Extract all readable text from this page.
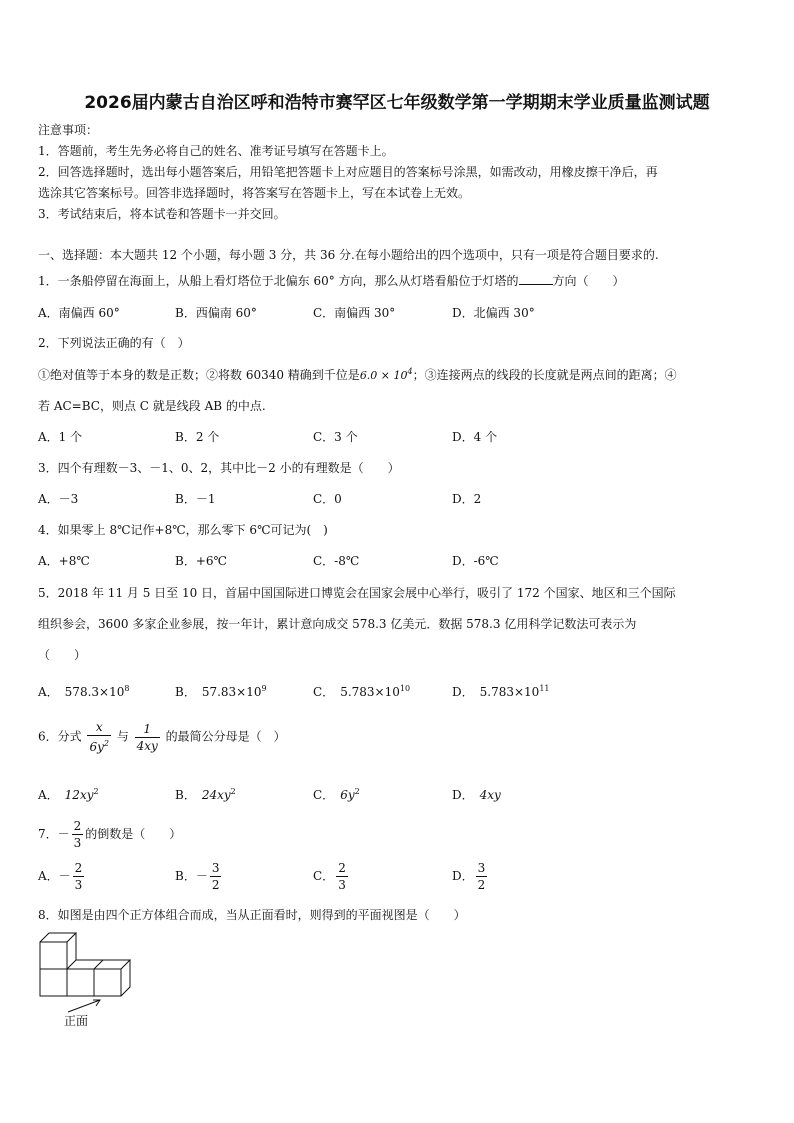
2026届内蒙古自治区呼和浩特市赛罕区七年级数学第一学期期末学业质量监测试题
注意事项：
1．答题前，考生先务必将自己的姓名、准考证号填写在答题卡上。
2．回答选择题时，选出每小题答案后，用铅笔把答题卡上对应题目的答案标号涂黑，如需改动，用橡皮擦干净后，再
选涂其它答案标号。回答非选择题时，将答案写在答题卡上，写在本试卷上无效。
3．考试结束后，将本试卷和答题卡一并交回。
一、选择题：本大题共 12 个小题，每小题 3 分，共 36 分.在每小题给出的四个选项中，只有一项是符合题目要求的.
1．一条船停留在海面上，从船上看灯塔位于北偏东 60° 方向，那么从灯塔看船位于灯塔的	方向（　　）
A．南偏西 60°	B．西偏南 60°	C．南偏西 30°	D．北偏西 30°
2．下列说法正确的有（　）
①绝对值等于本身的数是正数；②将数 60340 精确到千位是$6.0 \times 10^4$；③连接两点的线段的长度就是两点间的距离；④
若 AC=BC，则点 C 就是线段 AB 的中点.
A．1 个	B．2 个	C．3 个	D．4 个
3．四个有理数－3、－1、0、2，其中比－2 小的有理数是（　　）
A．－3	B．－1	C．0	D．2
4．如果零上 8℃记作+8℃，那么零下 6℃可记为(　)
A．+8℃	B．+6℃	C．-8℃	D．-6℃
5．2018 年 11 月 5 日至 10 日，首届中国国际进口博览会在国家会展中心举行，吸引了 172 个国家、地区和三个国际
组织参会，3600 多家企业参展，按一年计，累计意向成交 578.3 亿美元．数据 578.3 亿用科学记数法可表示为
（　　）
A． $578.3\times 10^8$	B． $57.83\times 10^9$	C． $5.783\times 10^{10}$	D． $5.783\times 10^{11}$
6．分式 $\frac{x}{6y^2}$ 与 $\frac{1}{4xy}$ 的最简公分母是（　）
A． $12xy^2$	B． $24xy^2$	C． $6y^2$	D． 4xy
7．－ $\frac{2}{3}$ 的倒数是（　　）
A．－ $\frac{2}{3}$	B．－ $\frac{3}{2}$	C． $\frac{2}{3}$	D． $\frac{3}{2}$
8．如图是由四个正方体组合而成，当从正面看时，则得到的平面视图是（　　）
正面
